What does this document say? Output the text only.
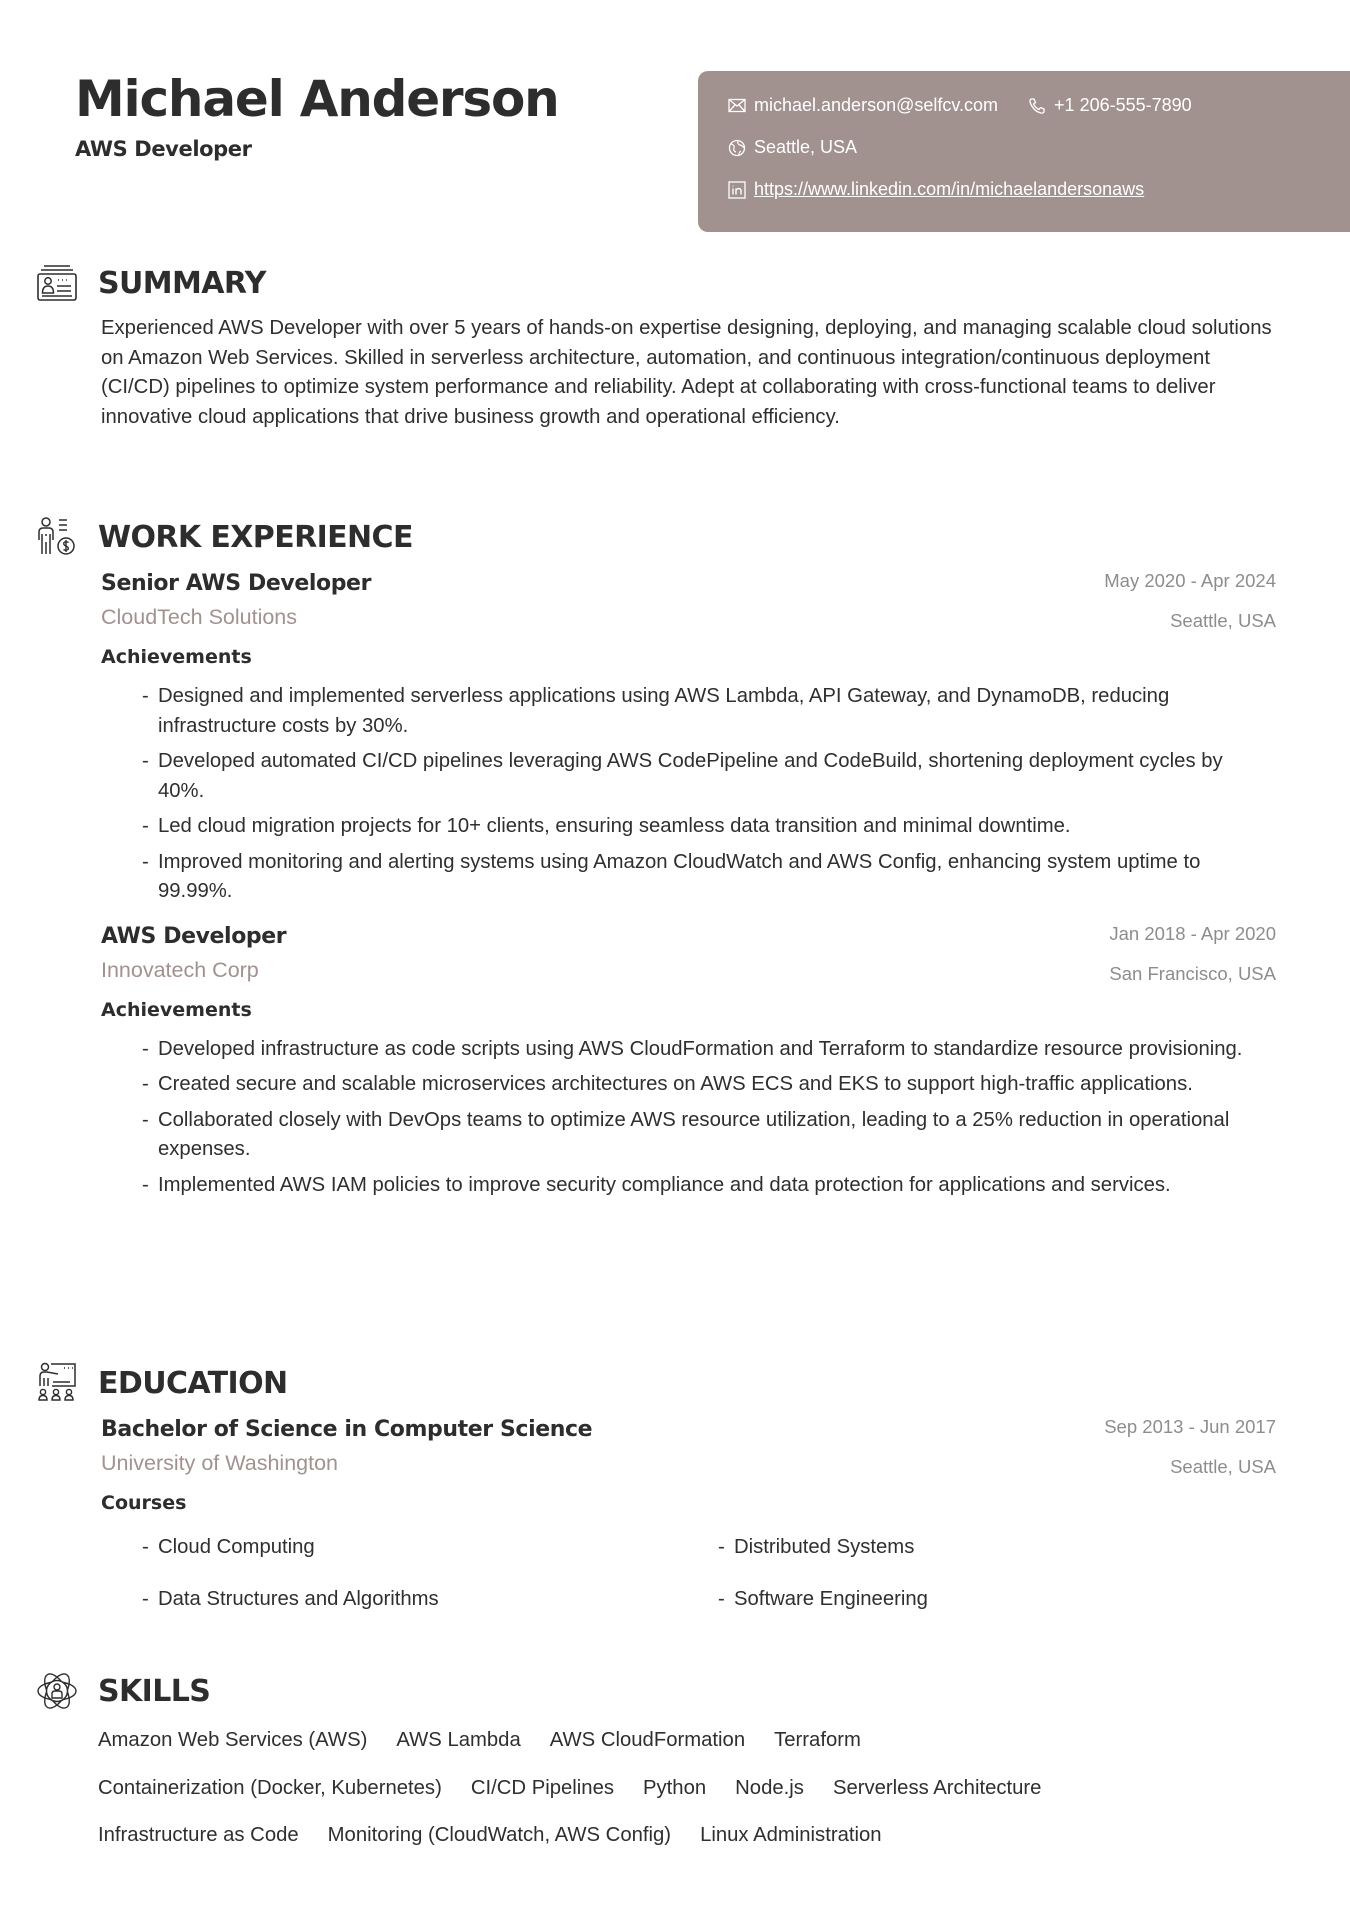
Michael Anderson
AWS Developer
michael.anderson@selfcv.com	+1 206-555-7890
Seattle, USA
https://www.linkedin.com/in/michaelandersonaws
SUMMARY

Experienced AWS Developer with over 5 years of hands-on expertise designing, deploying, and managing scalable cloud solutions on Amazon Web Services. Skilled in serverless architecture, automation, and continuous integration/continuous deployment (CI/CD) pipelines to optimize system performance and reliability. Adept at collaborating with cross-functional teams to deliver innovative cloud applications that drive business growth and operational efficiency.

WORK EXPERIENCE
Senior AWS Developer
CloudTech Solutions
May 2020 - Apr 2024
Seattle, USA
Achievements
- Designed and implemented serverless applications using AWS Lambda, API Gateway, and DynamoDB, reducing infrastructure costs by 30%.
- Developed automated CI/CD pipelines leveraging AWS CodePipeline and CodeBuild, shortening deployment cycles by 40%.
- Led cloud migration projects for 10+ clients, ensuring seamless data transition and minimal downtime.
- Improved monitoring and alerting systems using Amazon CloudWatch and AWS Config, enhancing system uptime to 99.99%.
AWS Developer
Innovatech Corp
Jan 2018 - Apr 2020
San Francisco, USA
Achievements
- Developed infrastructure as code scripts using AWS CloudFormation and Terraform to standardize resource provisioning.
- Created secure and scalable microservices architectures on AWS ECS and EKS to support high-traffic applications.
- Collaborated closely with DevOps teams to optimize AWS resource utilization, leading to a 25% reduction in operational expenses.
- Implemented AWS IAM policies to improve security compliance and data protection for applications and services.
EDUCATION
Bachelor of Science in Computer Science
University of Washington
Sep 2013 - Jun 2017
Seattle, USA
Courses
- Cloud Computing	- Distributed Systems
- Data Structures and Algorithms	- Software Engineering
SKILLS
Amazon Web Services (AWS) AWS Lambda AWS CloudFormation Terraform
Containerization (Docker, Kubernetes) CI/CD Pipelines Python Node.js Serverless Architecture
Infrastructure as Code Monitoring (CloudWatch, AWS Config) Linux Administration
